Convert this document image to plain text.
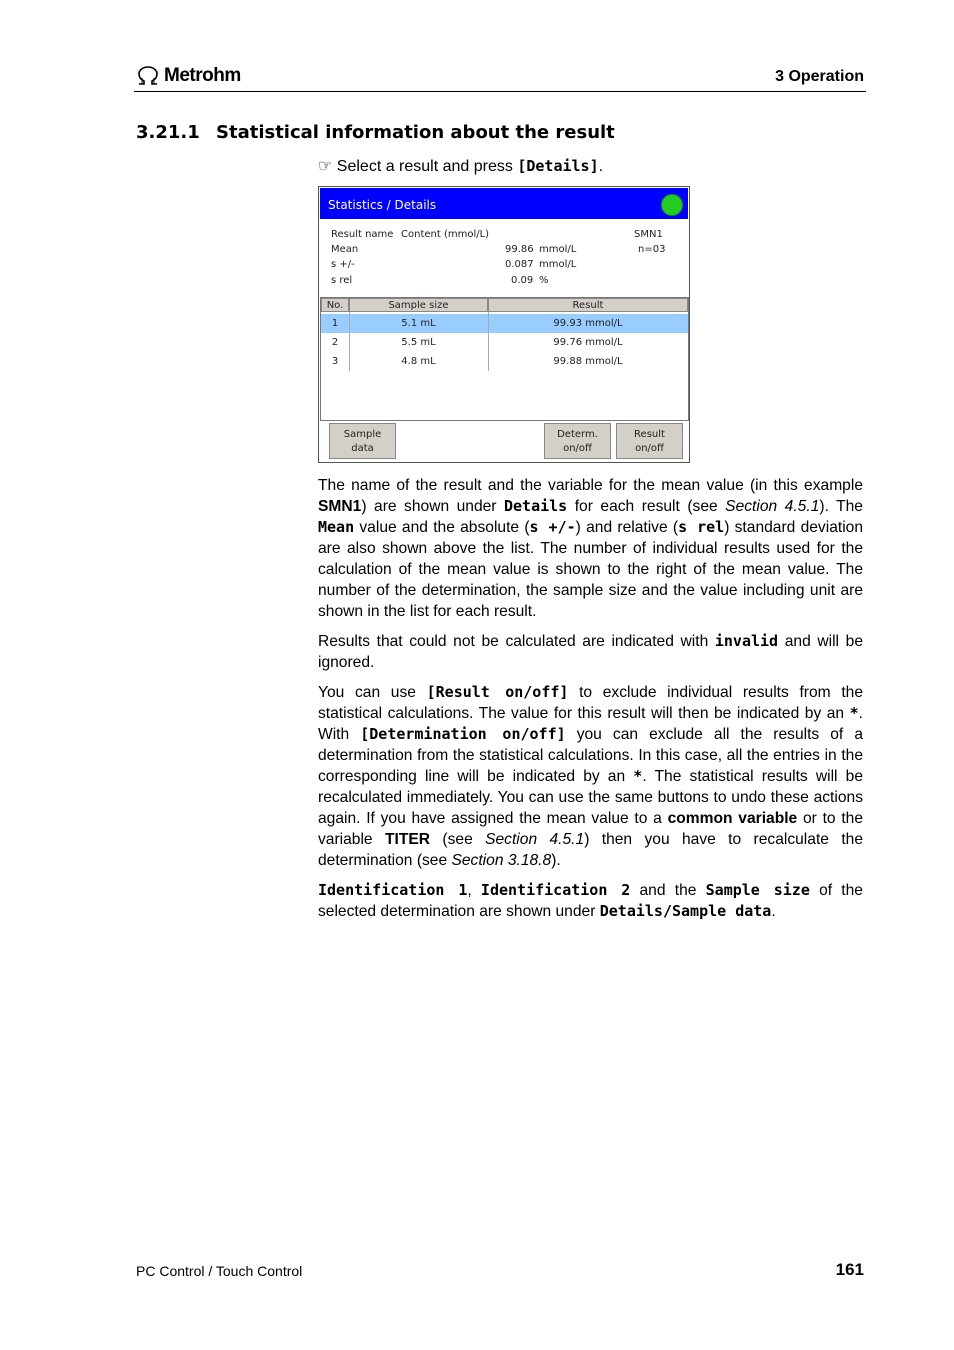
Metrohm	3 Operation
3.21.1 Statistical information about the result
☞ Select a result and press [Details].
Statistics / Details
Result name Content (mmol/L)	SMN1
Mean	99.86 mmol/L	n=03
s +/-	0.087 mmol/L
s rel	0.09 %
No.	Sample size	Result
1	5.1 mL	99.93 mmol/L
2	5.5 mL	99.76 mmol/L
3	4.8 mL	99.88 mmol/L
Sample
data
Determ.
on/off
Result
on/off

The name of the result and the variable for the mean value (in this example SMN1) are shown under Details for each result (see Section 4.5.1). The Mean value and the absolute (s +/-) and relative (s rel) standard deviation are also shown above the list. The number of individual results used for the calculation of the mean value is shown to the right of the mean value. The number of the determination, the sample size and the value including unit are shown in the list for each result.

Results that could not be calculated are indicated with invalid and will be ignored.

You can use [Result on/off] to exclude individual results from the statistical calculations. The value for this result will then be indicated by an *. With [Determination on/off] you can exclude all the results of a determination from the statistical calculations. In this case, all the entries in the corresponding line will be indicated by an *. The statistical results will be recalculated immediately. You can use the same buttons to undo these actions again. If you have assigned the mean value to a common variable or to the variable TITER (see Section 4.5.1) then you have to recalculate the determination (see Section 3.18.8).

Identification 1, Identification 2 and the Sample size of the selected determination are shown under Details/Sample data.

PC Control / Touch Control	161
